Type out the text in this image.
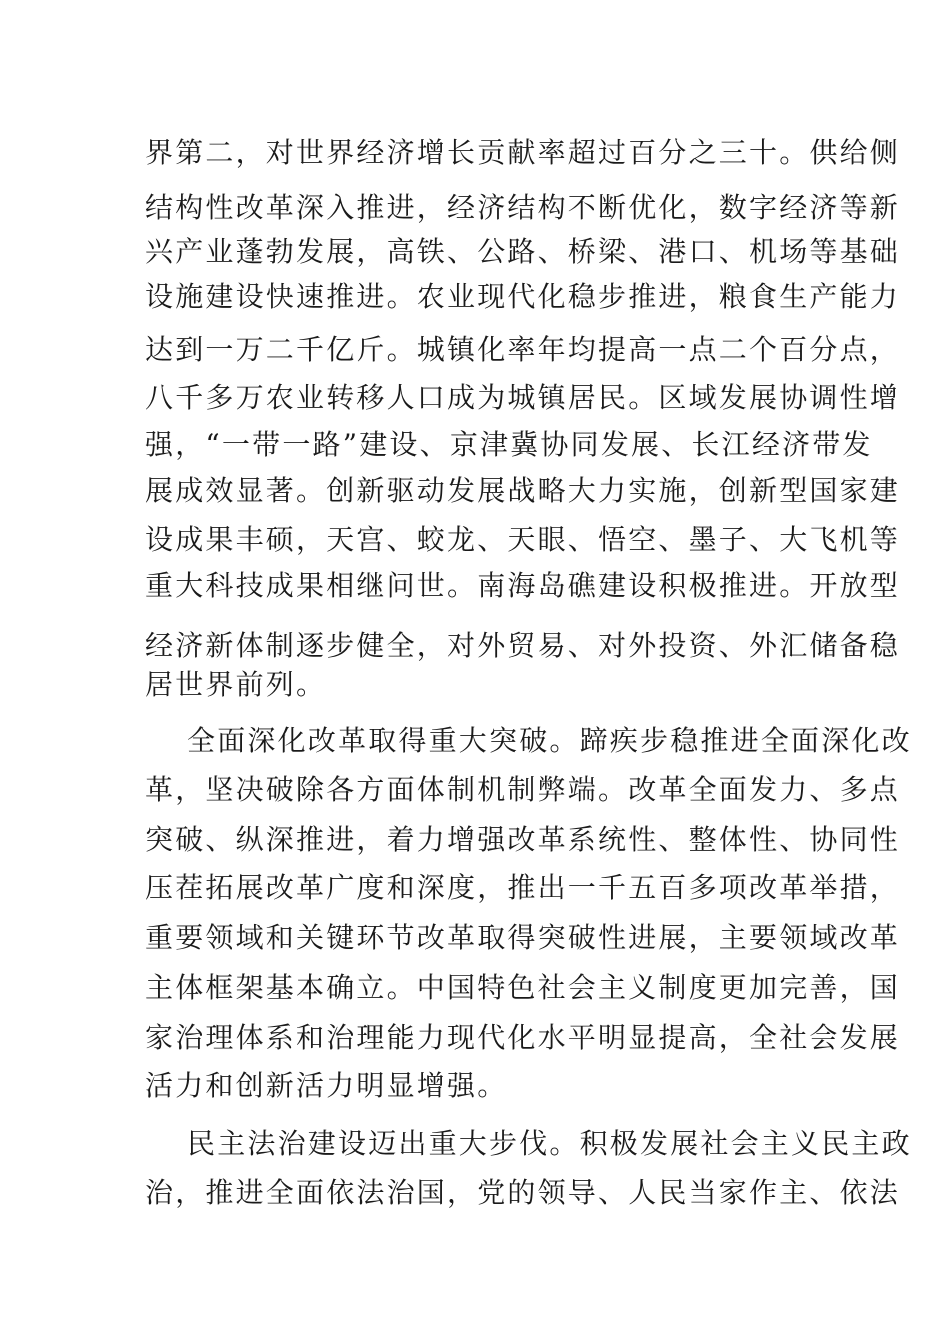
界第二，对世界经济增长贡献率超过百分之三十。供给侧
结构性改革深入推进，经济结构不断优化，数字经济等新
兴产业蓬勃发展，高铁、公路、桥梁、港口、机场等基础
设施建设快速推进。农业现代化稳步推进，粮食生产能力
达到一万二千亿斤。城镇化率年均提高一点二个百分点，
八千多万农业转移人口成为城镇居民。区域发展协调性增
强，“一带一路”建设、京津冀协同发展、长江经济带发
展成效显著。创新驱动发展战略大力实施，创新型国家建
设成果丰硕，天宫、蛟龙、天眼、悟空、墨子、大飞机等
重大科技成果相继问世。南海岛礁建设积极推进。开放型
经济新体制逐步健全，对外贸易、对外投资、外汇储备稳
居世界前列。
全面深化改革取得重大突破。蹄疾步稳推进全面深化改
革，坚决破除各方面体制机制弊端。改革全面发力、多点
突破、纵深推进，着力增强改革系统性、整体性、协同性
压茬拓展改革广度和深度，推出一千五百多项改革举措，
重要领域和关键环节改革取得突破性进展，主要领域改革
主体框架基本确立。中国特色社会主义制度更加完善，国
家治理体系和治理能力现代化水平明显提高，全社会发展
活力和创新活力明显增强。
民主法治建设迈出重大步伐。积极发展社会主义民主政
治，推进全面依法治国，党的领导、人民当家作主、依法
